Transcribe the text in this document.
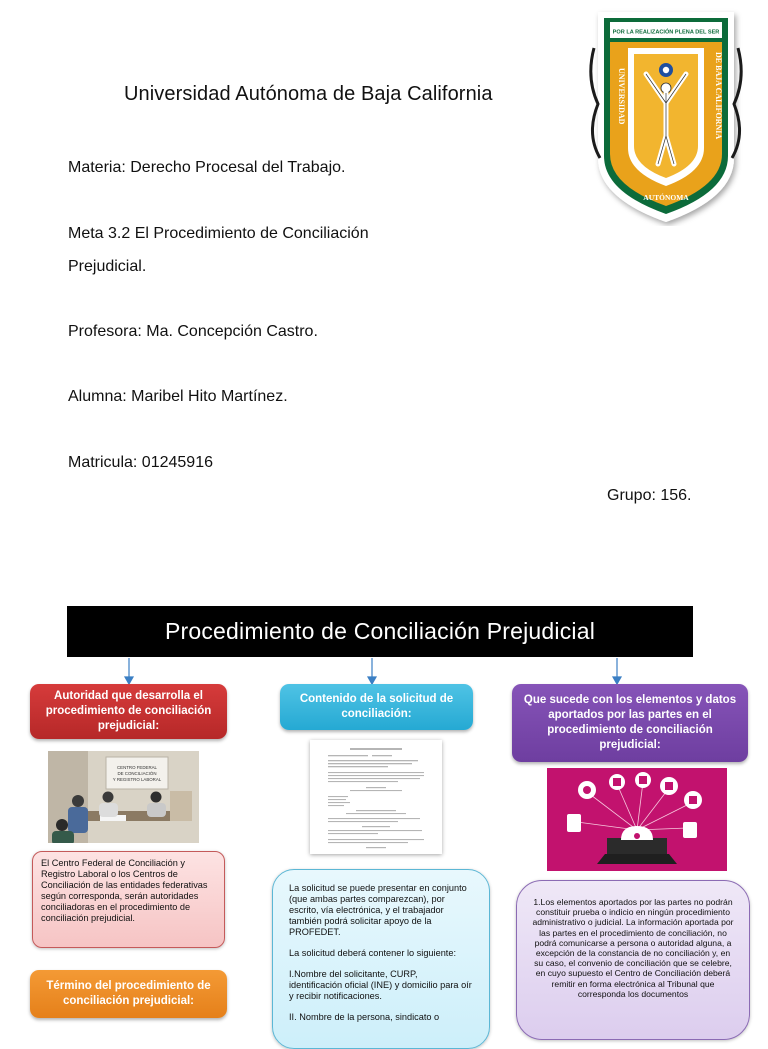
Universidad Autónoma de Baja California
Materia: Derecho Procesal del Trabajo.
Meta 3.2 El Procedimiento de Conciliación
Prejudicial.
Profesora: Ma. Concepción Castro.
Alumna: Maribel Hito Martínez.
Matricula: 01245916
Grupo: 156.
POR LA REALIZACIÓN PLENA DEL SER
UNIVERSIDAD	DE BAJA CALIFORNIA
AUTÓNOMA
Procedimiento de Conciliación Prejudicial
Autoridad que desarrolla el procedimiento de conciliación prejudicial:
CENTRO FEDERAL
DE CONCILIACIÓN
Y REGISTRO LABORAL
El Centro Federal de Conciliación y Registro Laboral o los Centros de Conciliación de las entidades federativas según corresponda, serán autoridades conciliadoras en el procedimiento de conciliación prejudicial.
Término del procedimiento de conciliación prejudicial:
Contenido de la solicitud de conciliación:

La solicitud se puede presentar en conjunto (que ambas partes comparezcan), por escrito, vía electrónica, y el trabajador también podrá solicitar apoyo de la PROFEDET.

La solicitud deberá contener lo siguiente:

I.Nombre del solicitante, CURP, identificación oficial (INE) y domicilio para oír y recibir notificaciones.

II. Nombre de la persona, sindicato o

Que sucede con los elementos y datos aportados por las partes en el procedimiento de conciliación prejudicial:
1.Los elementos aportados por las partes no podrán constituir prueba o indicio en ningún procedimiento administrativo o judicial. La información aportada por las partes en el procedimiento de conciliación, no podrá comunicarse a persona o autoridad alguna, a excepción de la constancia de no conciliación y, en su caso, el convenio de conciliación que se celebre, en cuyo supuesto el Centro de Conciliación deberá remitir en forma electrónica al Tribunal que corresponda los documentos
